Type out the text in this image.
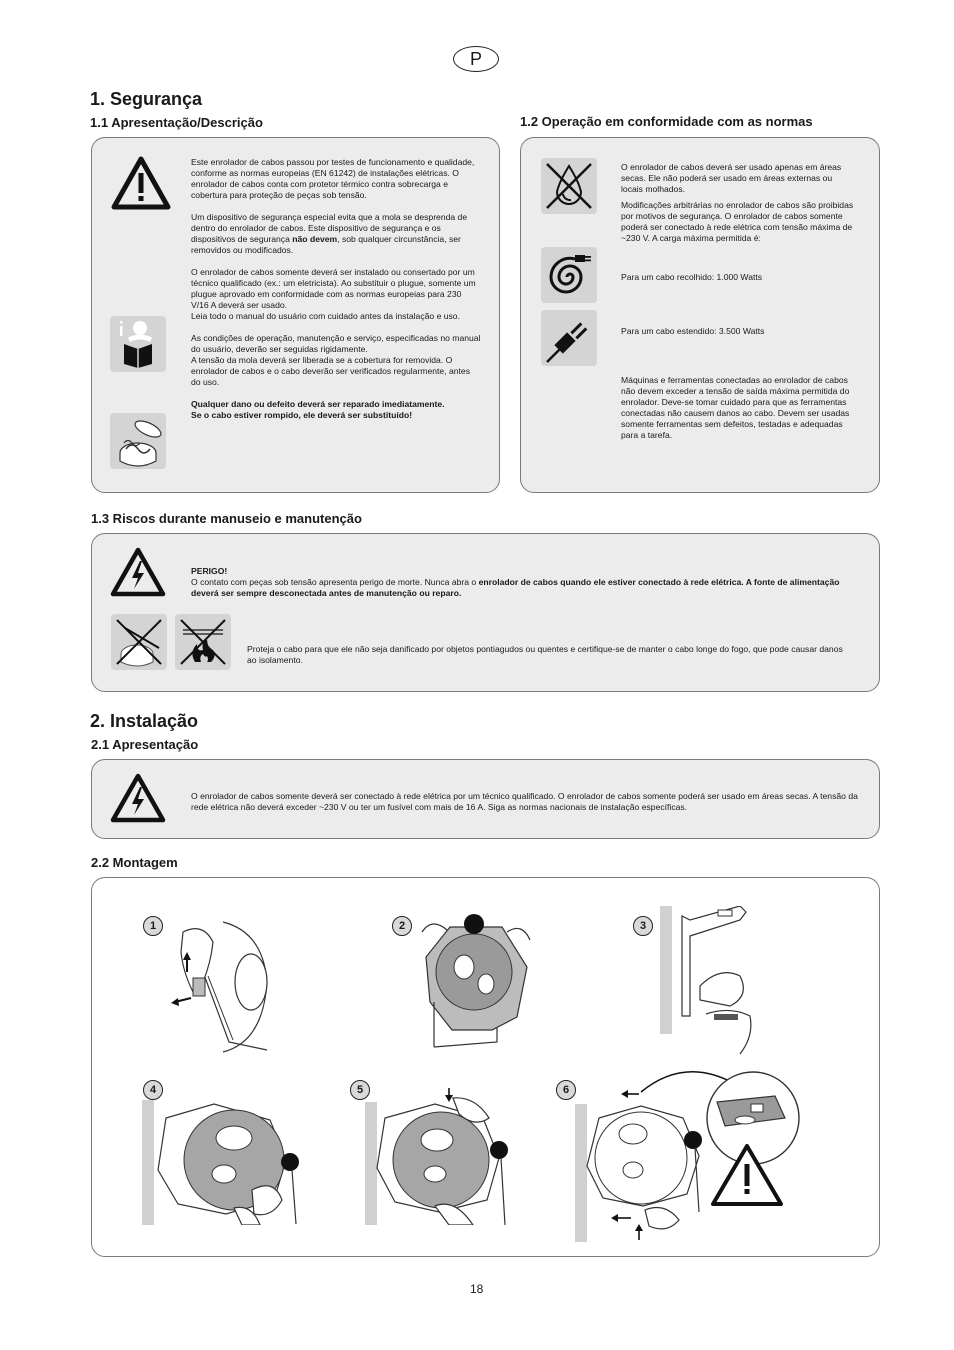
P
1. Segurança
1.1 Apresentação/Descrição	1.2 Operação em conformidade com as normas

Este enrolador de cabos passou por testes de funcionamento e qualidade, conforme as normas europeias (EN 61242) de instalações elétricas. O enrolador de cabos conta com protetor térmico contra sobrecarga e cobertura para proteção de peças sob tensão.

Um dispositivo de segurança especial evita que a mola se desprenda de dentro do enrolador de cabos. Este dispositivo de segurança e os dispositivos de segurança não devem, sob qualquer circunstância, ser removidos ou modificados.

O enrolador de cabos somente deverá ser instalado ou consertado por um técnico qualificado (ex.: um eletricista). Ao substituir o plugue, somente um plugue aprovado em conformidade com as normas europeias para 230 V/16 A deverá ser usado.

Leia todo o manual do usuário com cuidado antes da instalação e uso.

As condições de operação, manutenção e serviço, especificadas no manual do usuário, deverão ser seguidas rigidamente.

A tensão da mola deverá ser liberada se a cobertura for removida. O enrolador de cabos e o cabo deverão ser verificados regularmente, antes do uso.

Qualquer dano ou defeito deverá ser reparado imediatamente.
Se o cabo estiver rompido, ele deverá ser substituído!

O enrolador de cabos deverá ser usado apenas em áreas secas. Ele não poderá ser usado em áreas externas ou locais molhados.

Modificações arbitrárias no enrolador de cabos são proibidas por motivos de segurança. O enrolador de cabos somente poderá ser conectado à rede elétrica com tensão máxima de ~230 V. A carga máxima permitida é:

Para um cabo recolhido: 1.000 Watts
Para um cabo estendido: 3.500 Watts
Máquinas e ferramentas conectadas ao enrolador de cabos não devem exceder a tensão de saída máxima permitida do enrolador. Deve-se tomar cuidado para que as ferramentas conectadas não causem danos ao cabo. Devem ser usadas somente ferramentas sem defeitos, testadas e adequadas para a tarefa.
1.3 Riscos durante manuseio e manutenção
PERIGO!
O contato com peças sob tensão apresenta perigo de morte. Nunca abra o enrolador de cabos quando ele estiver conectado à rede elétrica. A fonte de alimentação deverá ser sempre desconectada antes de manutenção ou reparo.
Proteja o cabo para que ele não seja danificado por objetos pontiagudos ou quentes e certifique-se de manter o cabo longe do fogo, que pode causar danos ao isolamento.
2. Instalação
2.1 Apresentação
O enrolador de cabos somente deverá ser conectado à rede elétrica por um técnico qualificado. O enrolador de cabos somente poderá ser usado em áreas secas. A tensão da rede elétrica não deverá exceder ~230 V ou ter um fusível com mais de 16 A. Siga as normas nacionais de instalação específicas.
2.2 Montagem
1	2	3
4	5	6
18
